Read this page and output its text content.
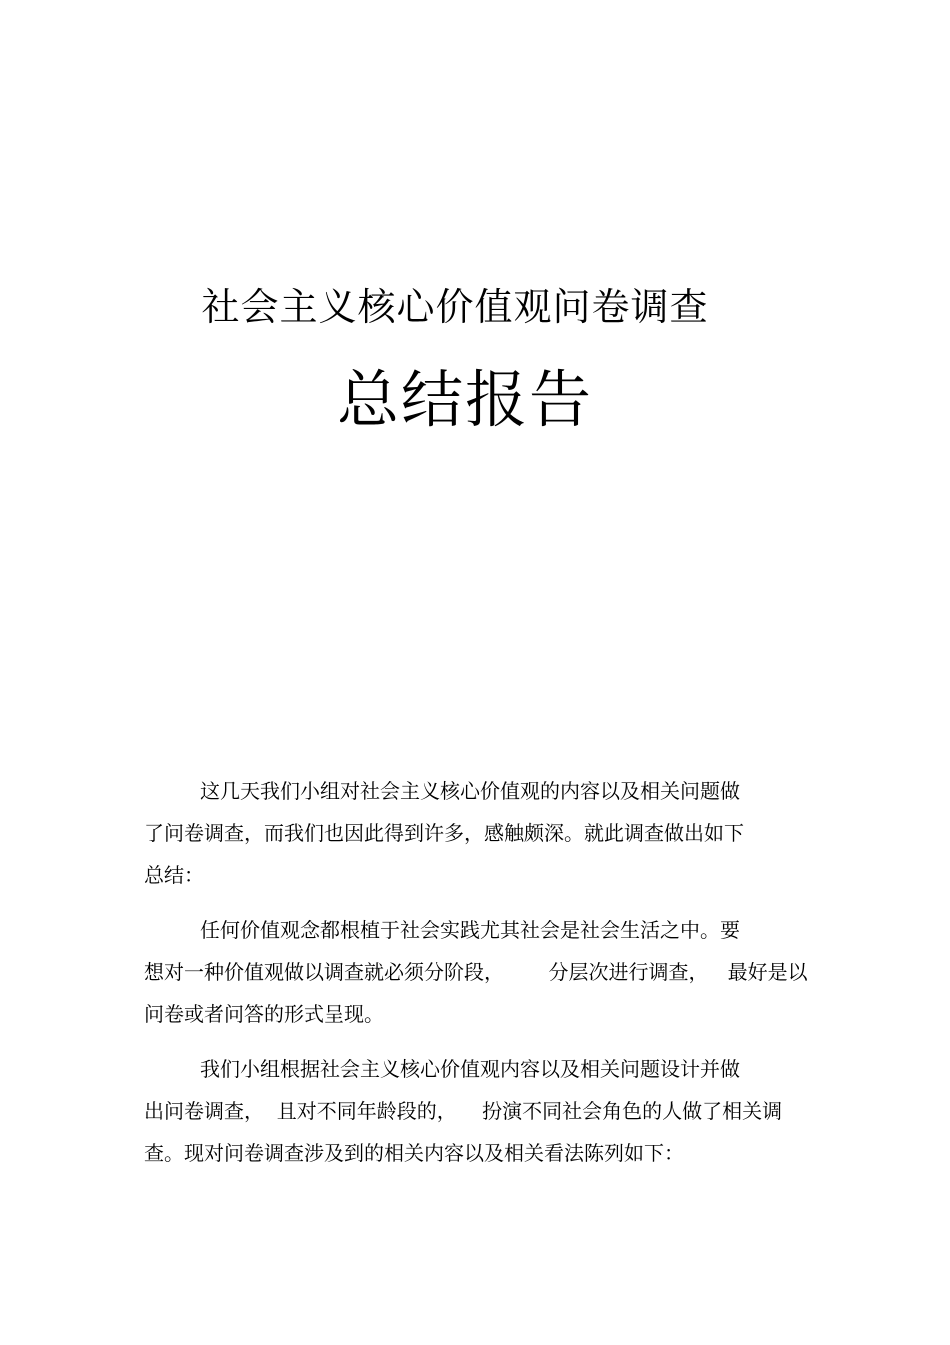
社会主义核心价值观问卷调查
总结报告
这几天我们小组对社会主义核心价值观的内容以及相关问题做
了问卷调查，而我们也因此得到许多，感触颇深。就此调查做出如下
总结：
任何价值观念都根植于社会实践尤其社会是社会生活之中。要
想对一种价值观做以调查就必须分阶段，       分层次进行调查，   最好是以
问卷或者问答的形式呈现。
我们小组根据社会主义核心价值观内容以及相关问题设计并做
出问卷调查，  且对不同年龄段的，    扮演不同社会角色的人做了相关调
查。现对问卷调查涉及到的相关内容以及相关看法陈列如下：
